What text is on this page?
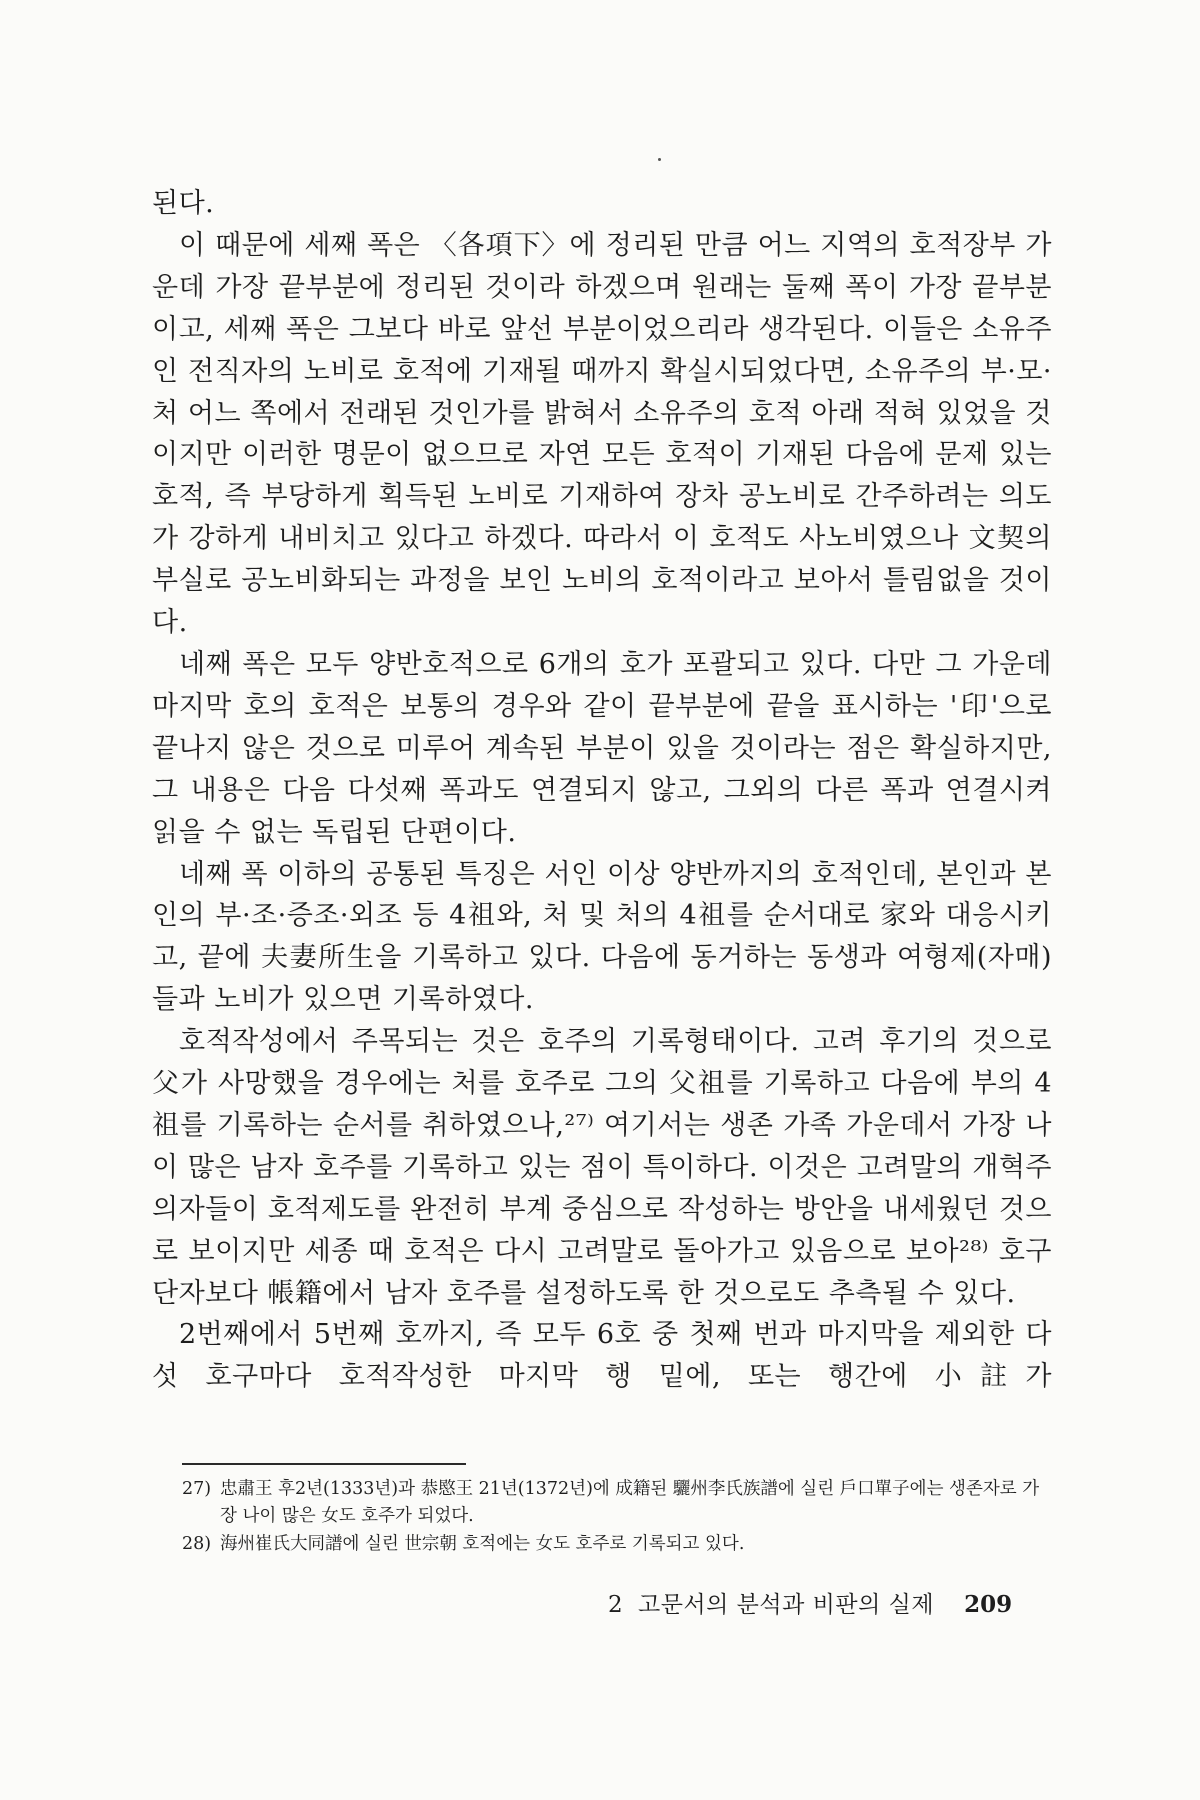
된다.

이 때문에 세째 폭은 〈各項下〉에 정리된 만큼 어느 지역의 호적장부 가운데 가장 끝부분에 정리된 것이라 하겠으며 원래는 둘째 폭이 가장 끝부분이고, 세째 폭은 그보다 바로 앞선 부분이었으리라 생각된다. 이들은 소유주인 전직자의 노비로 호적에 기재될 때까지 확실시되었다면, 소유주의 부·모·처 어느 쪽에서 전래된 것인가를 밝혀서 소유주의 호적 아래 적혀 있었을 것이지만 이러한 명문이 없으므로 자연 모든 호적이 기재된 다음에 문제 있는 호적, 즉 부당하게 획득된 노비로 기재하여 장차 공노비로 간주하려는 의도가 강하게 내비치고 있다고 하겠다. 따라서 이 호적도 사노비였으나 文契의 부실로 공노비화되는 과정을 보인 노비의 호적이라고 보아서 틀림없을 것이다.

네째 폭은 모두 양반호적으로 6개의 호가 포괄되고 있다. 다만 그 가운데 마지막 호의 호적은 보통의 경우와 같이 끝부분에 끝을 표시하는 '印'으로 끝나지 않은 것으로 미루어 계속된 부분이 있을 것이라는 점은 확실하지만, 그 내용은 다음 다섯째 폭과도 연결되지 않고, 그외의 다른 폭과 연결시켜 읽을 수 없는 독립된 단편이다.

네째 폭 이하의 공통된 특징은 서인 이상 양반까지의 호적인데, 본인과 본인의 부·조·증조·외조 등 4祖와, 처 및 처의 4祖를 순서대로 家와 대응시키고, 끝에 夫妻所生을 기록하고 있다. 다음에 동거하는 동생과 여형제(자매)들과 노비가 있으면 기록하였다.

호적작성에서 주목되는 것은 호주의 기록형태이다. 고려 후기의 것으로 父가 사망했을 경우에는 처를 호주로 그의 父祖를 기록하고 다음에 부의 4祖를 기록하는 순서를 취하였으나,²⁷⁾ 여기서는 생존 가족 가운데서 가장 나이 많은 남자 호주를 기록하고 있는 점이 특이하다. 이것은 고려말의 개혁주의자들이 호적제도를 완전히 부계 중심으로 작성하는 방안을 내세웠던 것으로 보이지만 세종 때 호적은 다시 고려말로 돌아가고 있음으로 보아²⁸⁾ 호구단자보다 帳籍에서 남자 호주를 설정하도록 한 것으로도 추측될 수 있다.

2번째에서 5번째 호까지, 즉 모두 6호 중 첫째 번과 마지막을 제외한 다섯 호구마다 호적작성한 마지막 행 밑에, 또는 행간에 小註가

27) 忠肅王 후2년(1333년)과 恭愍王 21년(1372년)에 成籍된 驪州李氏族譜에 실린 戶口單子에는 생존자로 가장 나이 많은 女도 호주가 되었다.
28) 海州崔氏大同譜에 실린 世宗朝 호적에는 女도 호주로 기록되고 있다.
2 고문서의 분석과 비판의 실제 209
